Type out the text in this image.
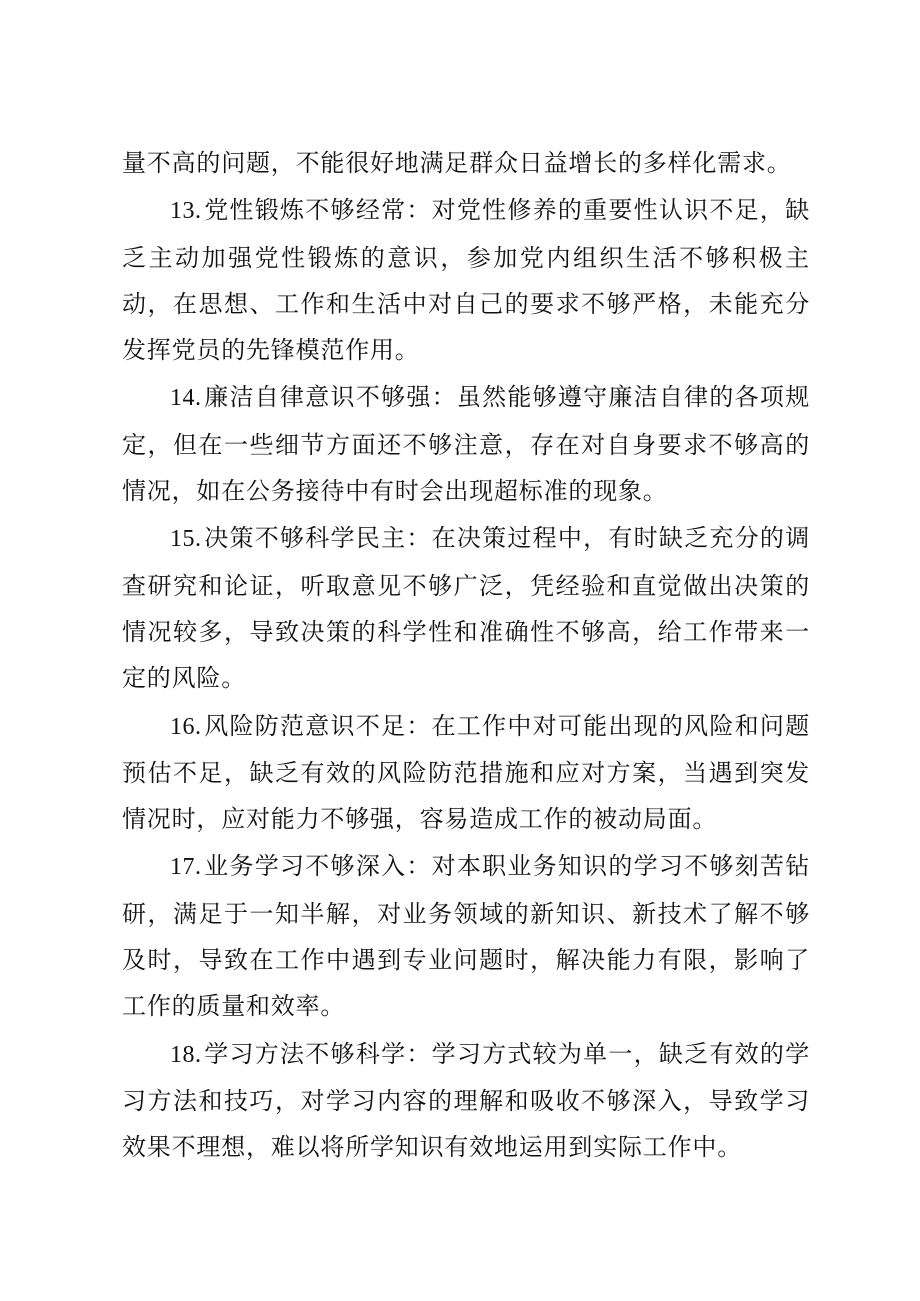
量不高的问题，不能很好地满足群众日益增长的多样化需求。

13.党性锻炼不够经常：对党性修养的重要性认识不足，缺乏主动加强党性锻炼的意识，参加党内组织生活不够积极主动，在思想、工作和生活中对自己的要求不够严格，未能充分发挥党员的先锋模范作用。

14.廉洁自律意识不够强：虽然能够遵守廉洁自律的各项规定，但在一些细节方面还不够注意，存在对自身要求不够高的情况，如在公务接待中有时会出现超标准的现象。

15.决策不够科学民主：在决策过程中，有时缺乏充分的调查研究和论证，听取意见不够广泛，凭经验和直觉做出决策的情况较多，导致决策的科学性和准确性不够高，给工作带来一定的风险。

16.风险防范意识不足：在工作中对可能出现的风险和问题预估不足，缺乏有效的风险防范措施和应对方案，当遇到突发情况时，应对能力不够强，容易造成工作的被动局面。

17.业务学习不够深入：对本职业务知识的学习不够刻苦钻研，满足于一知半解，对业务领域的新知识、新技术了解不够及时，导致在工作中遇到专业问题时，解决能力有限，影响了工作的质量和效率。

18.学习方法不够科学：学习方式较为单一，缺乏有效的学习方法和技巧，对学习内容的理解和吸收不够深入，导致学习效果不理想，难以将所学知识有效地运用到实际工作中。
